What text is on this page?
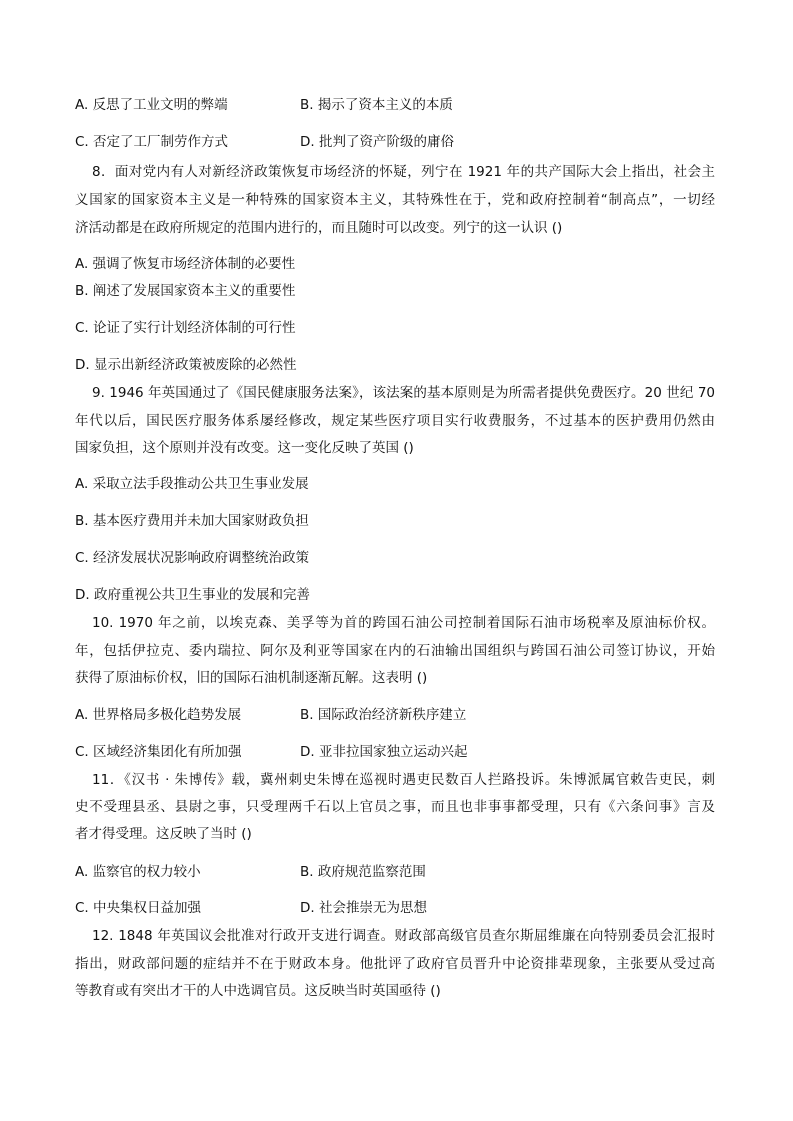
A. 反思了工业文明的弊端	B. 揭示了资本主义的本质
C. 否定了工厂制劳作方式	D. 批判了资产阶级的庸俗
8．面对党内有人对新经济政策恢复市场经济的怀疑，列宁在 1921 年的共产国际大会上指出，社会主
义国家的国家资本主义是一种特殊的国家资本主义，其特殊性在于，党和政府控制着“制高点”，一切经
济活动都是在政府所规定的范围内进行的，而且随时可以改变。列宁的这一认识 ()
A. 强调了恢复市场经济体制的必要性
B. 阐述了发展国家资本主义的重要性
C. 论证了实行计划经济体制的可行性
D. 显示出新经济政策被废除的必然性
9. 1946 年英国通过了《国民健康服务法案》，该法案的基本原则是为所需者提供免费医疗。20 世纪 70
年代以后，国民医疗服务体系屡经修改，规定某些医疗项目实行收费服务，不过基本的医护费用仍然由
国家负担，这个原则并没有改变。这一变化反映了英国 ()
A. 采取立法手段推动公共卫生事业发展
B. 基本医疗费用并未加大国家财政负担
C. 经济发展状况影响政府调整统治政策
D. 政府重视公共卫生事业的发展和完善
10. 1970 年之前，以埃克森、美孚等为首的跨国石油公司控制着国际石油市场税率及原油标价权。
年，包括伊拉克、委内瑞拉、阿尔及利亚等国家在内的石油输出国组织与跨国石油公司签订协议，开始
获得了原油标价权，旧的国际石油机制逐渐瓦解。这表明 ()
A. 世界格局多极化趋势发展	B. 国际政治经济新秩序建立
C. 区域经济集团化有所加强	D. 亚非拉国家独立运动兴起
11．《汉书 · 朱博传》载，冀州刺史朱博在巡视时遇吏民数百人拦路投诉。朱博派属官敕告吏民，刺
史不受理县丞、县尉之事，只受理两千石以上官员之事，而且也非事事都受理，只有《六条问事》言及
者才得受理。这反映了当时 ()
A. 监察官的权力较小	B. 政府规范监察范围
C. 中央集权日益加强	D. 社会推崇无为思想
12. 1848 年英国议会批准对行政开支进行调查。财政部高级官员查尔斯屈维廉在向特别委员会汇报时
指出，财政部问题的症结并不在于财政本身。他批评了政府官员晋升中论资排辈现象，主张要从受过高
等教育或有突出才干的人中选调官员。这反映当时英国亟待 ()
